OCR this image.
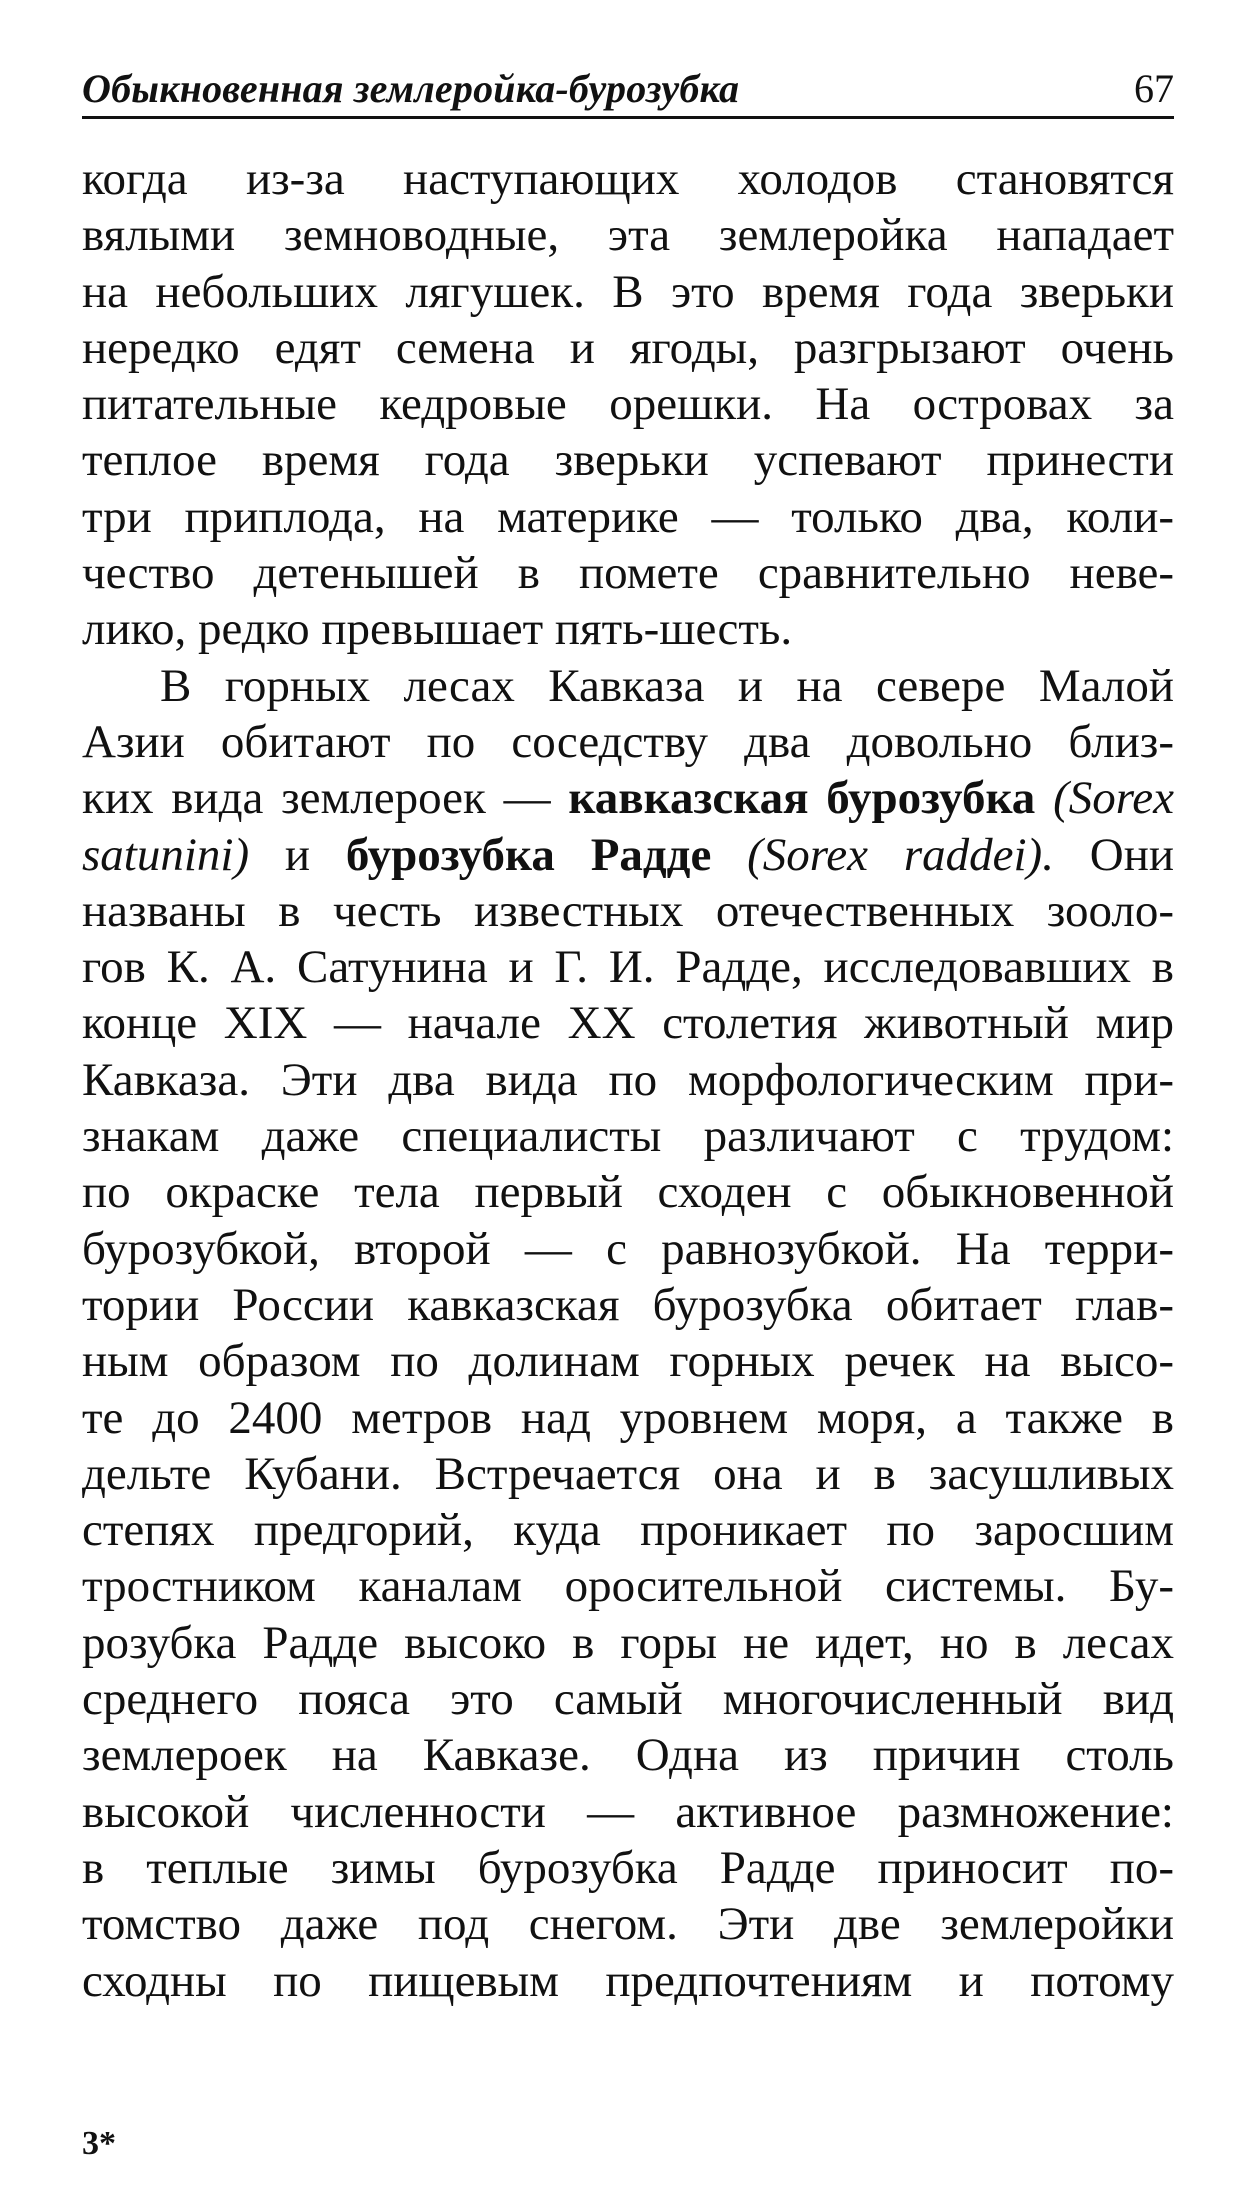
Обыкновенная землеройка-бурозубка	67

когда из-за наступающих холодов становятся
вялыми земноводные, эта землеройка нападает
на небольших лягушек. В это время года зверьки
нередко едят семена и ягоды, разгрызают очень
питательные кедровые орешки. На островах за
теплое время года зверьки успевают принести
три приплода, на материке — только два, коли-
чество детенышей в помете сравнительно неве-
лико, редко превышает пять-шесть.

В горных лесах Кавказа и на севере Малой
Азии обитают по соседству два довольно близ-
ких вида землероек — кавказская бурозубка (Sorex
satunini) и бурозубка Радде (Sorex raddei). Они
названы в честь известных отечественных зооло-
гов К. А. Сатунина и Г. И. Радде, исследовавших в
конце XIX — начале XX столетия животный мир
Кавказа. Эти два вида по морфологическим при-
знакам даже специалисты различают с трудом:
по окраске тела первый сходен с обыкновенной
бурозубкой, второй — с равнозубкой. На терри-
тории России кавказская бурозубка обитает глав-
ным образом по долинам горных речек на высо-
те до 2400 метров над уровнем моря, а также в
дельте Кубани. Встречается она и в засушливых
степях предгорий, куда проникает по заросшим
тростником каналам оросительной системы. Бу-
розубка Радде высоко в горы не идет, но в лесах
среднего пояса это самый многочисленный вид
землероек на Кавказе. Одна из причин столь
высокой численности — активное размножение:
в теплые зимы бурозубка Радде приносит по-
томство даже под снегом. Эти две землеройки
сходны по пищевым предпочтениям и потому

3*
